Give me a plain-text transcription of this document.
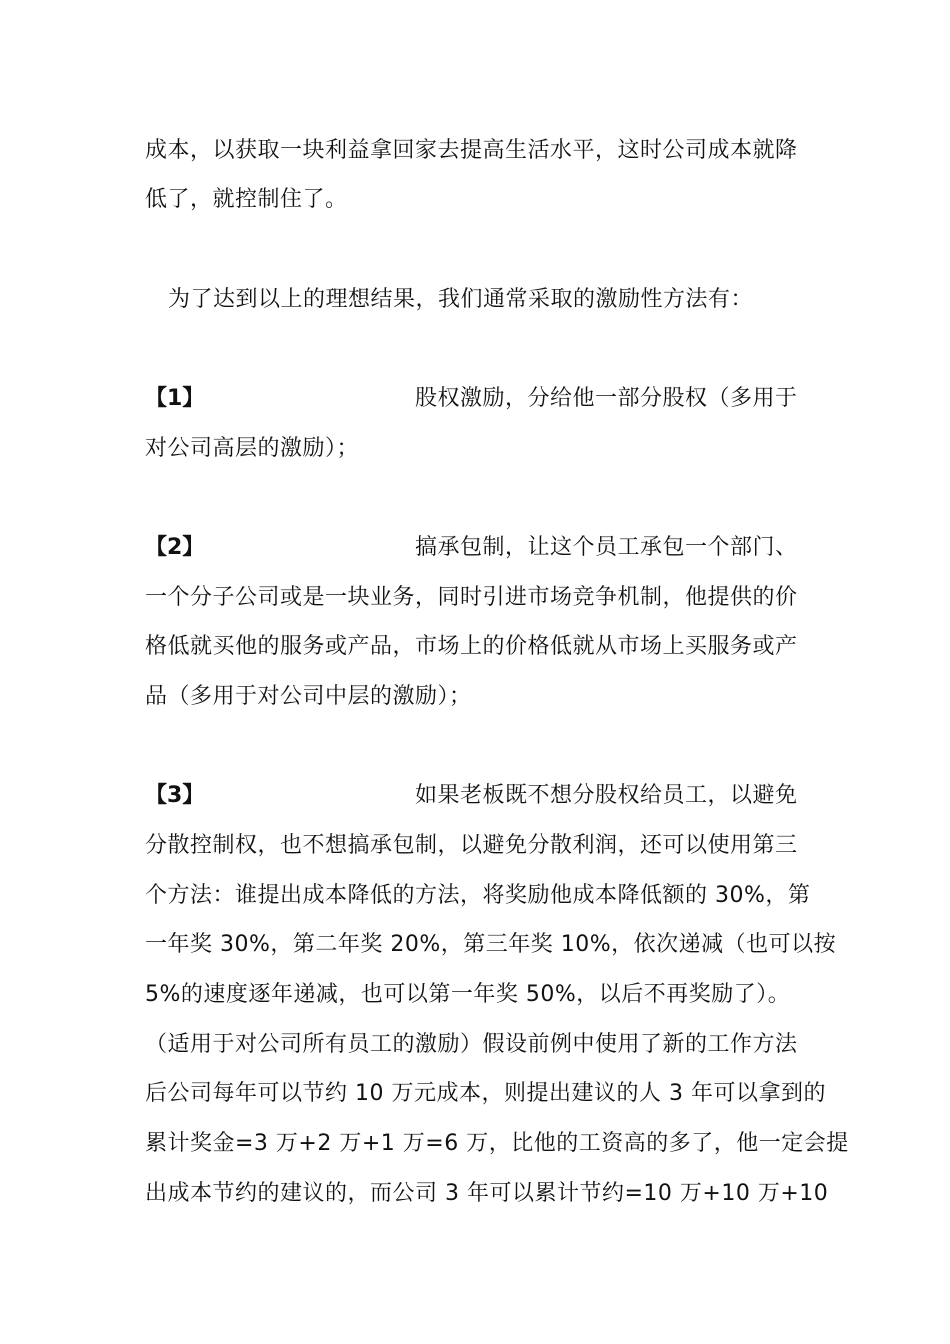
成本，以获取一块利益拿回家去提高生活水平，这时公司成本就降
低了，就控制住了。
为了达到以上的理想结果，我们通常采取的激励性方法有：
【1】	股权激励，分给他一部分股权（多用于
对公司高层的激励）；
【2】	搞承包制，让这个员工承包一个部门、
一个分子公司或是一块业务，同时引进市场竞争机制，他提供的价
格低就买他的服务或产品，市场上的价格低就从市场上买服务或产
品（多用于对公司中层的激励）；
【3】	如果老板既不想分股权给员工，以避免
分散控制权，也不想搞承包制，以避免分散利润，还可以使用第三
个方法：谁提出成本降低的方法，将奖励他成本降低额的 30%，第
一年奖 30%，第二年奖 20%，第三年奖 10%，依次递减（也可以按
5%的速度逐年递减，也可以第一年奖 50%，以后不再奖励了）。
（适用于对公司所有员工的激励）假设前例中使用了新的工作方法
后公司每年可以节约 10 万元成本，则提出建议的人 3 年可以拿到的
累计奖金=3 万+2 万+1 万=6 万，比他的工资高的多了，他一定会提
出成本节约的建议的，而公司 3 年可以累计节约=10 万+10 万+10
